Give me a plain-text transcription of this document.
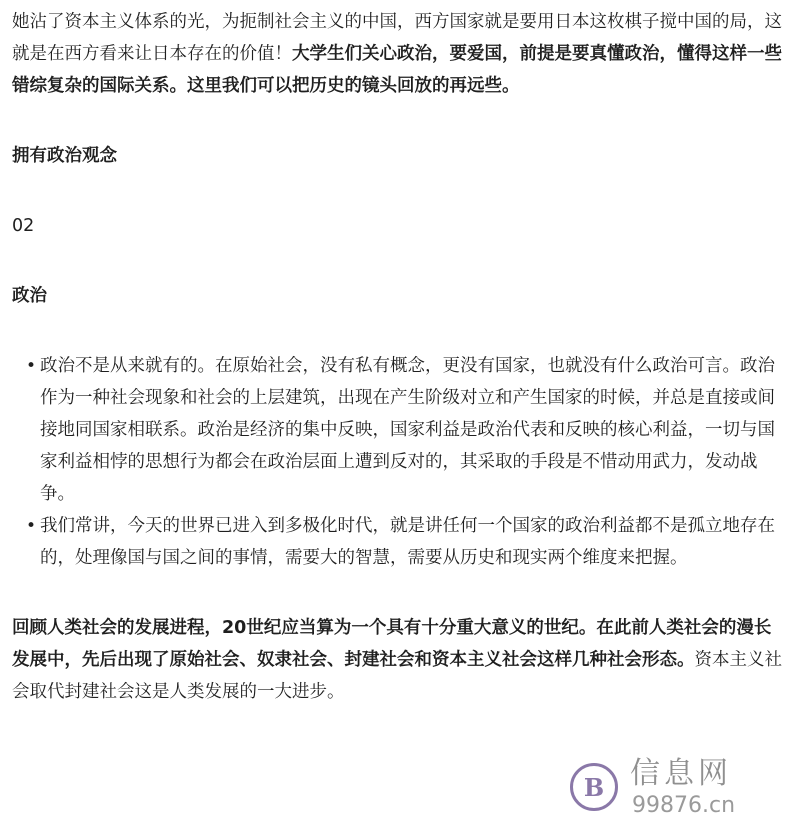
她沾了资本主义体系的光，为扼制社会主义的中国，西方国家就是要用日本这枚棋子搅中国的局，这就是在西方看来让日本存在的价值！大学生们关心政治，要爱国，前提是要真懂政治，懂得这样一些错综复杂的国际关系。这里我们可以把历史的镜头回放的再远些。

拥有政治观念

02

政治

• 政治不是从来就有的。在原始社会，没有私有概念，更没有国家，也就没有什么政治可言。政治作为一种社会现象和社会的上层建筑，出现在产生阶级对立和产生国家的时候，并总是直接或间接地同国家相联系。政治是经济的集中反映，国家利益是政治代表和反映的核心利益，一切与国家利益相悖的思想行为都会在政治层面上遭到反对的，其采取的手段是不惜动用武力，发动战争。
• 我们常讲，今天的世界已进入到多极化时代，就是讲任何一个国家的政治利益都不是孤立地存在的，处理像国与国之间的事情，需要大的智慧，需要从历史和现实两个维度来把握。

回顾人类社会的发展进程，20世纪应当算为一个具有十分重大意义的世纪。在此前人类社会的漫长发展中，先后出现了原始社会、奴隶社会、封建社会和资本主义社会这样几种社会形态。资本主义社会取代封建社会这是人类发展的一大进步。

B 信息网
99876.cn
